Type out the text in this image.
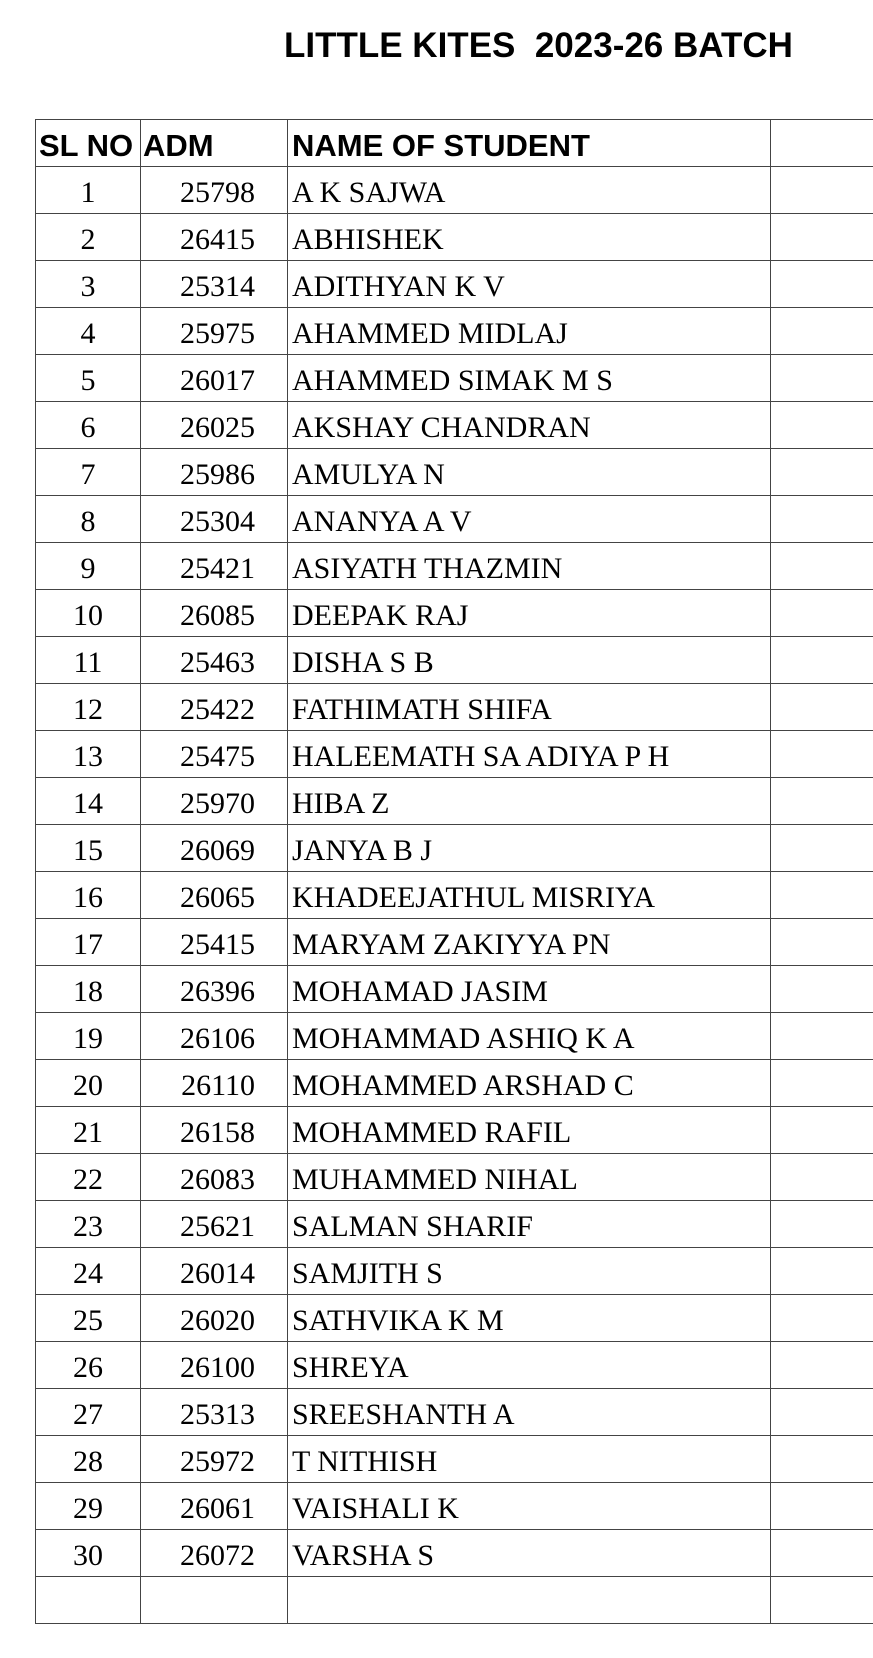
LITTLE KITES  2023-26 BATCH
SL NO	ADM	NAME OF STUDENT	
1	25798	A K SAJWA	
2	26415	ABHISHEK	
3	25314	ADITHYAN K V	
4	25975	AHAMMED MIDLAJ	
5	26017	AHAMMED SIMAK M S	
6	26025	AKSHAY CHANDRAN	
7	25986	AMULYA N	
8	25304	ANANYA A V	
9	25421	ASIYATH THAZMIN	
10	26085	DEEPAK RAJ	
11	25463	DISHA S B	
12	25422	FATHIMATH SHIFA	
13	25475	HALEEMATH SA ADIYA P H	
14	25970	HIBA Z	
15	26069	JANYA B J	
16	26065	KHADEEJATHUL MISRIYA	
17	25415	MARYAM ZAKIYYA PN	
18	26396	MOHAMAD JASIM	
19	26106	MOHAMMAD ASHIQ K A	
20	26110	MOHAMMED ARSHAD C	
21	26158	MOHAMMED RAFIL	
22	26083	MUHAMMED NIHAL	
23	25621	SALMAN SHARIF	
24	26014	SAMJITH S	
25	26020	SATHVIKA K M	
26	26100	SHREYA	
27	25313	SREESHANTH A	
28	25972	T NITHISH	
29	26061	VAISHALI K	
30	26072	VARSHA S	
